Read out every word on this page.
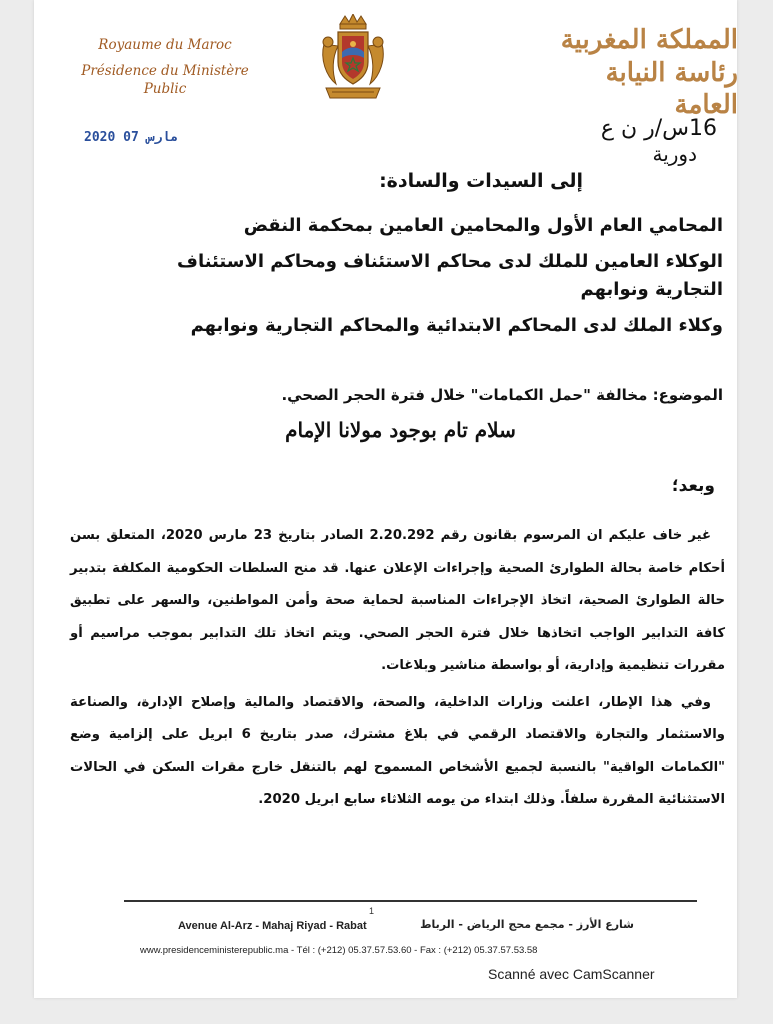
Royaume du Maroc
Présidence du Ministère Public
المملكة المغربية
رئاسة النيابة العامة
2020 مارس 07	16س/ر ن ع
دورية
إلى السيدات والسادة:
المحامي العام الأول والمحامين العامين بمحكمة النقض
الوكلاء العامين للملك لدى محاكم الاستئناف ومحاكم الاستئناف التجارية ونوابهم
وكلاء الملك لدى المحاكم الابتدائية والمحاكم التجارية ونوابهم
الموضوع: مخالفة "حمل الكمامات" خلال فترة الحجر الصحي.
سلام تام بوجود مولانا الإمام
وبعد؛

غير خاف عليكم ان المرسوم بقانون رقم 2.20.292 الصادر بتاريخ 23 مارس 2020، المتعلق بسن أحكام خاصة بحالة الطوارئ الصحية وإجراءات الإعلان عنها. قد منح السلطات الحكومية المكلفة بتدبير حالة الطوارئ الصحية، اتخاذ الإجراءات المناسبة لحماية صحة وأمن المواطنين، والسهر على تطبيق كافة التدابير الواجب اتخاذها خلال فترة الحجر الصحي. ويتم اتخاذ تلك التدابير بموجب مراسيم أو مقررات تنظيمية وإدارية، أو بواسطة مناشير وبلاغات.

وفي هذا الإطار، اعلنت وزارات الداخلية، والصحة، والاقتصاد والمالية وإصلاح الإدارة، والصناعة والاستثمار والتجارة والاقتصاد الرقمي في بلاغ مشترك، صدر بتاريخ 6 ابريل على إلزامية وضع "الكمامات الواقية" بالنسبة لجميع الأشخاص المسموح لهم بالتنقل خارج مقرات السكن في الحالات الاستثنائية المقررة سلفاً. وذلك ابتداء من يومه الثلاثاء سابع ابريل 2020.

1
Avenue Al-Arz - Mahaj Riyad - Rabat	شارع الأرز - مجمع محج الرياض - الرباط
www.presidenceministerepublic.ma - Tél : (+212) 05.37.57.53.60 - Fax : (+212) 05.37.57.53.58
Scanné avec CamScanner
